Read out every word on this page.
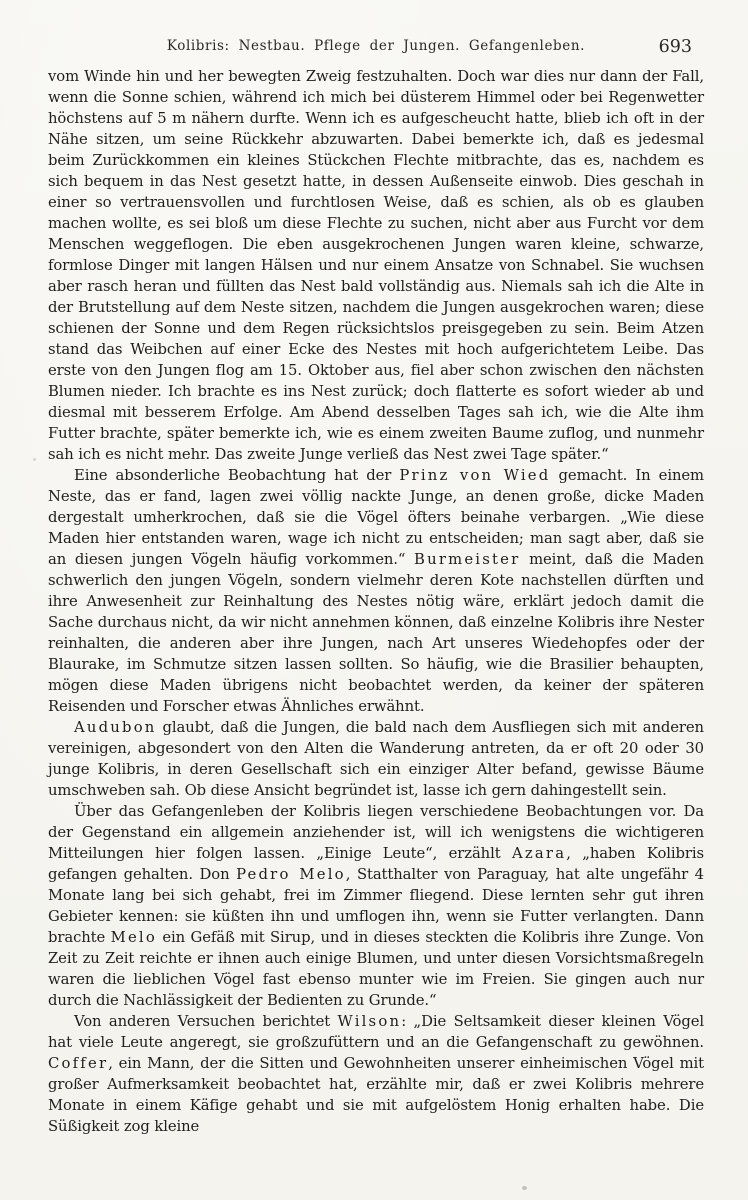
Kolibris: Nestbau. Pflege der Jungen. Gefangenleben.	693

vom Winde hin und her bewegten Zweig festzuhalten. Doch war dies nur dann der Fall, wenn die Sonne schien, während ich mich bei düsterem Himmel oder bei Regenwetter höchstens auf 5 m nähern durfte. Wenn ich es aufgescheucht hatte, blieb ich oft in der Nähe sitzen, um seine Rückkehr abzuwarten. Dabei bemerkte ich, daß es jedesmal beim Zurückkommen ein kleines Stückchen Flechte mitbrachte, das es, nachdem es sich bequem in das Nest gesetzt hatte, in dessen Außenseite einwob. Dies geschah in einer so vertrauensvollen und furchtlosen Weise, daß es schien, als ob es glauben machen wollte, es sei bloß um diese Flechte zu suchen, nicht aber aus Furcht vor dem Menschen weggeflogen. Die eben ausgekrochenen Jungen waren kleine, schwarze, formlose Dinger mit langen Hälsen und nur einem Ansatze von Schnabel. Sie wuchsen aber rasch heran und füllten das Nest bald vollständig aus. Niemals sah ich die Alte in der Brutstellung auf dem Neste sitzen, nachdem die Jungen ausgekrochen waren; diese schienen der Sonne und dem Regen rücksichtslos preisgegeben zu sein. Beim Atzen stand das Weibchen auf einer Ecke des Nestes mit hoch aufgerichtetem Leibe. Das erste von den Jungen flog am 15. Oktober aus, fiel aber schon zwischen den nächsten Blumen nieder. Ich brachte es ins Nest zurück; doch flatterte es sofort wieder ab und diesmal mit besserem Erfolge. Am Abend desselben Tages sah ich, wie die Alte ihm Futter brachte, später bemerkte ich, wie es einem zweiten Baume zuflog, und nunmehr sah ich es nicht mehr. Das zweite Junge verließ das Nest zwei Tage später.“

Eine absonderliche Beobachtung hat der Prinz von Wied gemacht. In einem Neste, das er fand, lagen zwei völlig nackte Junge, an denen große, dicke Maden dergestalt umherkrochen, daß sie die Vögel öfters beinahe verbargen. „Wie diese Maden hier entstanden waren, wage ich nicht zu entscheiden; man sagt aber, daß sie an diesen jungen Vögeln häufig vorkommen.“ Burmeister meint, daß die Maden schwerlich den jungen Vögeln, sondern vielmehr deren Kote nachstellen dürften und ihre Anwesenheit zur Reinhaltung des Nestes nötig wäre, erklärt jedoch damit die Sache durchaus nicht, da wir nicht annehmen können, daß einzelne Kolibris ihre Nester reinhalten, die anderen aber ihre Jungen, nach Art unseres Wiedehopfes oder der Blaurake, im Schmutze sitzen lassen sollten. So häufig, wie die Brasilier behaupten, mögen diese Maden übrigens nicht beobachtet werden, da keiner der späteren Reisenden und Forscher etwas Ähnliches erwähnt.

Audubon glaubt, daß die Jungen, die bald nach dem Ausfliegen sich mit anderen vereinigen, abgesondert von den Alten die Wanderung antreten, da er oft 20 oder 30 junge Kolibris, in deren Gesellschaft sich ein einziger Alter befand, gewisse Bäume umschweben sah. Ob diese Ansicht begründet ist, lasse ich gern dahingestellt sein.

Über das Gefangenleben der Kolibris liegen verschiedene Beobachtungen vor. Da der Gegenstand ein allgemein anziehender ist, will ich wenigstens die wichtigeren Mitteilungen hier folgen lassen. „Einige Leute“, erzählt Azara, „haben Kolibris gefangen gehalten. Don Pedro Melo, Statthalter von Paraguay, hat alte ungefähr 4 Monate lang bei sich gehabt, frei im Zimmer fliegend. Diese lernten sehr gut ihren Gebieter kennen: sie küßten ihn und umflogen ihn, wenn sie Futter verlangten. Dann brachte Melo ein Gefäß mit Sirup, und in dieses steckten die Kolibris ihre Zunge. Von Zeit zu Zeit reichte er ihnen auch einige Blumen, und unter diesen Vorsichtsmaßregeln waren die lieblichen Vögel fast ebenso munter wie im Freien. Sie gingen auch nur durch die Nachlässigkeit der Bedienten zu Grunde.“

Von anderen Versuchen berichtet Wilson: „Die Seltsamkeit dieser kleinen Vögel hat viele Leute angeregt, sie großzufüttern und an die Gefangenschaft zu gewöhnen. Coffer, ein Mann, der die Sitten und Gewohnheiten unserer einheimischen Vögel mit großer Aufmerksamkeit beobachtet hat, erzählte mir, daß er zwei Kolibris mehrere Monate in einem Käfige gehabt und sie mit aufgelöstem Honig erhalten habe. Die Süßigkeit zog kleine
